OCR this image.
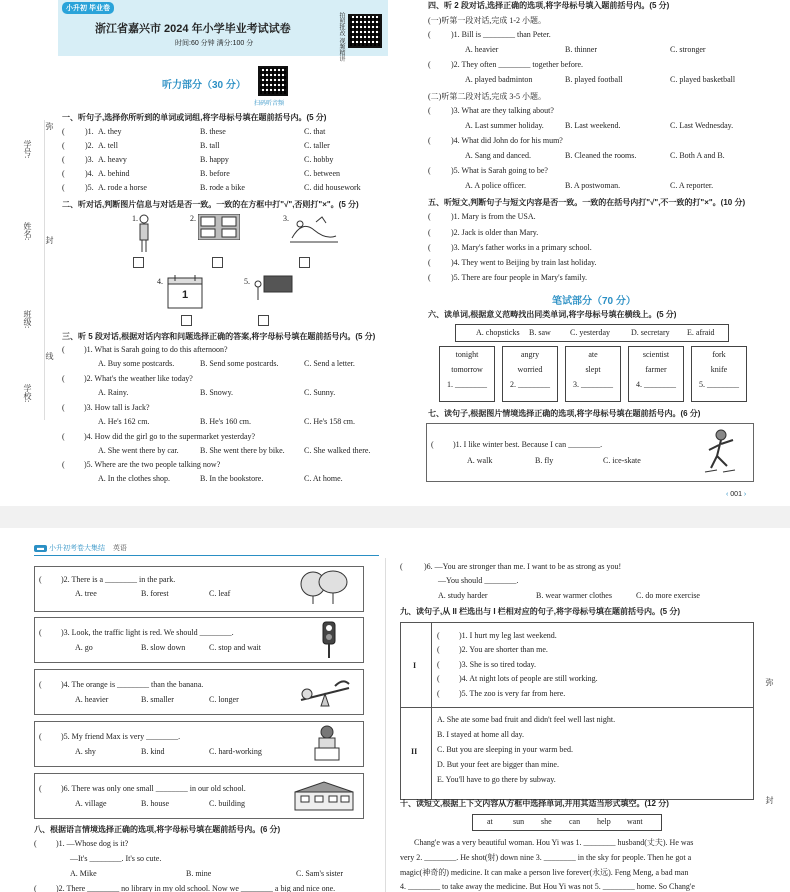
学号:
姓名:
班级:
学校:
弥
封
线
小升初 毕业卷
浙江省嘉兴市 2024 年小学毕业考试试卷
时间:60 分钟 满分:100 分	拍照批改 视频精讲
听力部分（30 分）
扫码听音频
一、听句子,选择你所听到的单词或词组,将字母标号填在题前括号内。(5 分)
(	)1. A. they	B. these	C. that
(	)2. A. tell	B. tall	C. taller
(	)3. A. heavy	B. happy	C. hobby
(	)4. A. behind	B. before	C. between
(	)5. A. rode a horse	B. rode a bike	C. did housework
二、听对话,判断图片信息与对话是否一致。一致的在方框中打"√",否则打"×"。(5 分)
1.	2.	3.
4.
1
5.
三、听 5 段对话,根据对话内容和问题选择正确的答案,将字母标号填在题前括号内。(5 分)
( )1. What is Sarah going to do this afternoon?
A. Buy some postcards.	B. Send some postcards.	C. Send a letter.
( )2. What's the weather like today?
A. Rainy.	B. Snowy.	C. Sunny.
( )3. How tall is Jack?
A. He's 162 cm.	B. He's 160 cm.	C. He's 158 cm.
( )4. How did the girl go to the supermarket yesterday?
A. She went there by car.	B. She went there by bike. C. She walked there.
( )5. Where are the two people talking now?
A. In the clothes shop.	B. In the bookstore.	C. At home.
四、听 2 段对话,选择正确的选项,将字母标号填入题前括号内。(5 分)
(一)听第一段对话,完成 1-2 小题。
(	)1. Bill is ________ than Peter.
A. heavier	B. thinner	C. stronger
(	)2. They often ________ together before.
A. played badminton	B. played football	C. played basketball
(二)听第二段对话,完成 3-5 小题。
(	)3. What are they talking about?
A. Last summer holiday.	B. Last weekend.	C. Last Wednesday.
(	)4. What did John do for his mum?
A. Sang and danced.	B. Cleaned the rooms.	C. Both A and B.
(	)5. What is Sarah going to be?
A. A police officer.	B. A postwoman.	C. A reporter.
五、听短文,判断句子与短文内容是否一致。一致的在括号内打"√",不一致的打"×"。(10 分)
(	)1. Mary is from the USA.
(	)2. Jack is older than Mary.
(	)3. Mary's father works in a primary school.
(	)4. They went to Beijing by train last holiday.
(	)5. There are four people in Mary's family.
笔试部分（70 分）
六、读单词,根据意义范畴找出同类单词,将字母标号填在横线上。(5 分)
A. chopsticks B. saw C. yesterday	D. secretary E. afraid
tonight
tomorrow
1. ________
angry
worried
2. ________
ate
slept
3. ________
scientist
farmer
4. ________
fork
knife
5. ________
七、读句子,根据图片情境选择正确的选项,将字母标号填在题前括号内。(6 分)
( )1. I like winter best. Because I can ________.
A. walk	B. fly	C. ice-skate
‹ 001 ›
▬ 小升初考卷大集结 英语
( )2. There is a ________ in the park.
A. tree	B. forest	C. leaf
( )3. Look, the traffic light is red. We should ________.
A. go	B. slow down	C. stop and wait
( )4. The orange is ________ than the banana.
A. heavier	B. smaller	C. longer
( )5. My friend Max is very ________.
A. shy	B. kind	C. hard-working
( )6. There was only one small ________ in our old school.
A. village	B. house	C. building
八、根据语言情境选择正确的选项,将字母标号填在题前括号内。(6 分)
( )1. —Whose dog is it?
—It's ________. It's so cute.
A. Mike	B. mine	C. Sam's sister
( )2. There ________ no library in my old school. Now we ________ a big and nice one.
(	)6. —You are stronger than me. I want to be as strong as you!
—You should ________.
A. study harder	B. wear warmer clothes	C. do more exercise
九、读句子,从 II 栏选出与 I 栏相对应的句子,将字母标号填在题前括号内。(5 分)
I
II
( )1. I hurt my leg last weekend.
( )2. You are shorter than me.
( )3. She is so tired today.
( )4. At night lots of people are still working.
( )5. The zoo is very far from here.
A. She ate some bad fruit and didn't feel well last night.
B. I stayed at home all day.
C. But you are sleeping in your warm bed.
D. But your feet are bigger than mine.
E. You'll have to go there by subway.
十、读短文,根据上下文内容从方框中选择单词,并用其适当形式填空。(12 分)
at	sun she can help want
Chang'e was a very beautiful woman. Hou Yi was 1. ________ husband(丈夫). He was
very 2. ________. He shot(射) down nine 3. ________ in the sky for people. Then he got a
magic(神奇的) medicine. It can make a person live forever(永远). Feng Meng, a bad man
4. ________ to take away the medicine. But Hou Yi was not 5. ________ home. So Chang'e
弥
封
